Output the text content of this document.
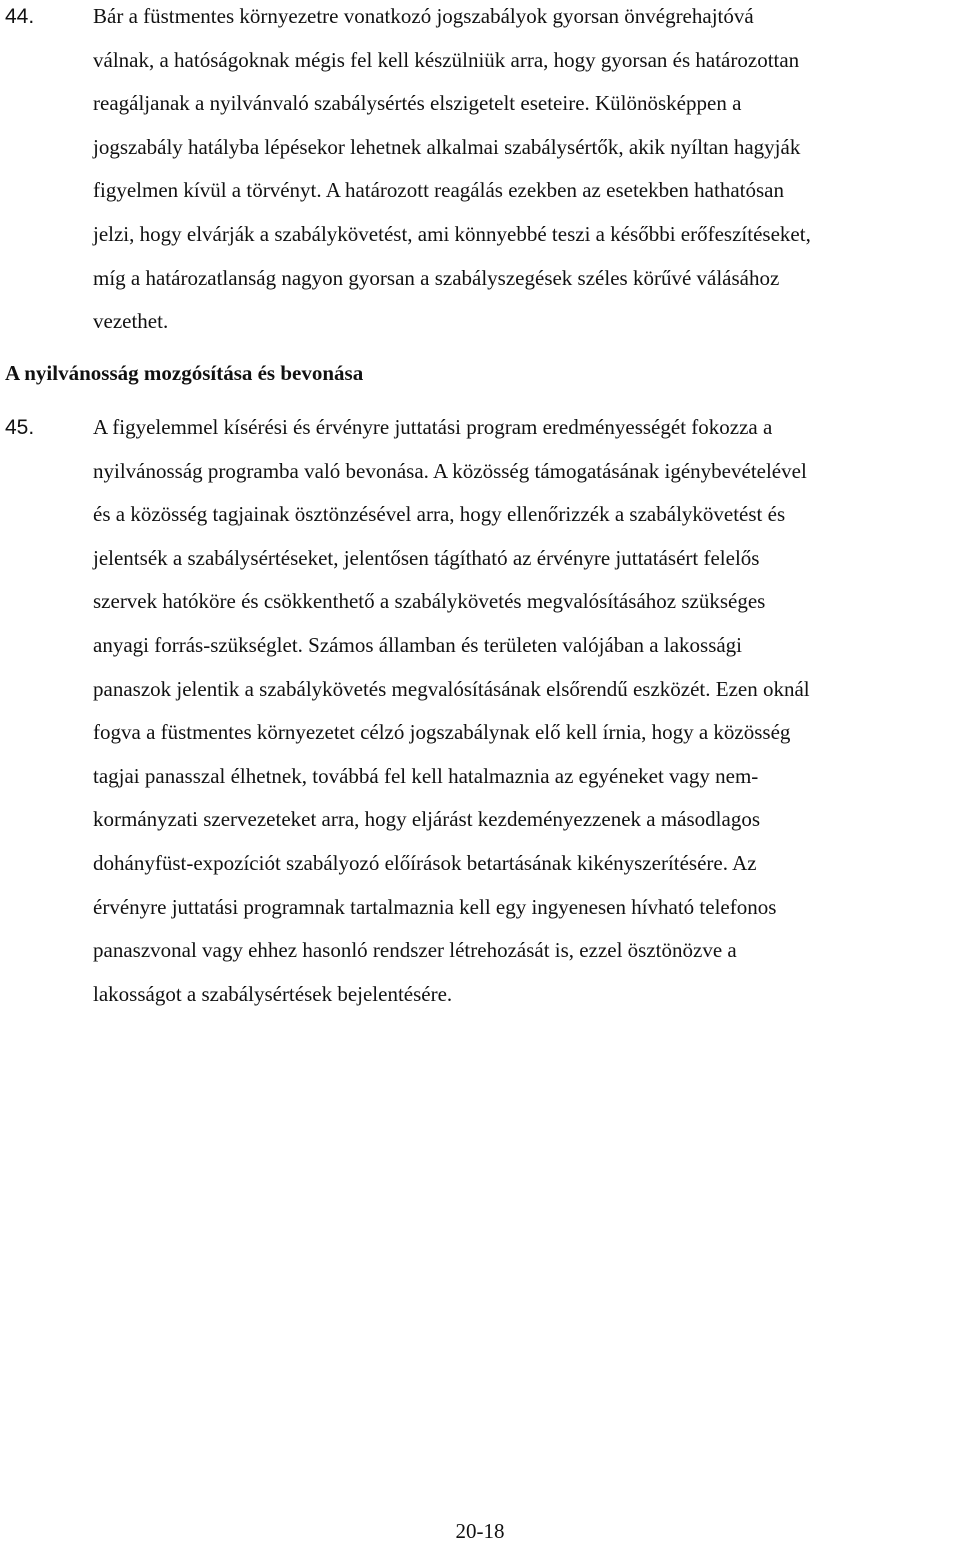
44.	Bár a füstmentes környezetre vonatkozó jogszabályok gyorsan önvégrehajtóvá
válnak, a hatóságoknak mégis fel kell készülniük arra, hogy gyorsan és határozottan
reagáljanak a nyilvánvaló szabálysértés elszigetelt eseteire. Különösképpen a
jogszabály hatályba lépésekor lehetnek alkalmai szabálysértők, akik nyíltan hagyják
figyelmen kívül a törvényt. A határozott reagálás ezekben az esetekben hathatósan
jelzi, hogy elvárják a szabálykövetést, ami könnyebbé teszi a későbbi erőfeszítéseket,
míg a határozatlanság nagyon gyorsan a szabályszegések széles körűvé válásához
vezethet.
A nyilvánosság mozgósítása és bevonása
45.	A figyelemmel kísérési és érvényre juttatási program eredményességét fokozza a
nyilvánosság programba való bevonása. A közösség támogatásának igénybevételével
és a közösség tagjainak ösztönzésével arra, hogy ellenőrizzék a szabálykövetést és
jelentsék a szabálysértéseket, jelentősen tágítható az érvényre juttatásért felelős
szervek hatóköre és csökkenthető a szabálykövetés megvalósításához szükséges
anyagi forrás-szükséglet. Számos államban és területen valójában a lakossági
panaszok jelentik a szabálykövetés megvalósításának elsőrendű eszközét. Ezen oknál
fogva a füstmentes környezetet célzó jogszabálynak elő kell írnia, hogy a közösség
tagjai panasszal élhetnek, továbbá fel kell hatalmaznia az egyéneket vagy nem-
kormányzati szervezeteket arra, hogy eljárást kezdeményezzenek a másodlagos
dohányfüst-expozíciót szabályozó előírások betartásának kikényszerítésére. Az
érvényre juttatási programnak tartalmaznia kell egy ingyenesen hívható telefonos
panaszvonal vagy ehhez hasonló rendszer létrehozását is, ezzel ösztönözve a
lakosságot a szabálysértések bejelentésére.
20-18
